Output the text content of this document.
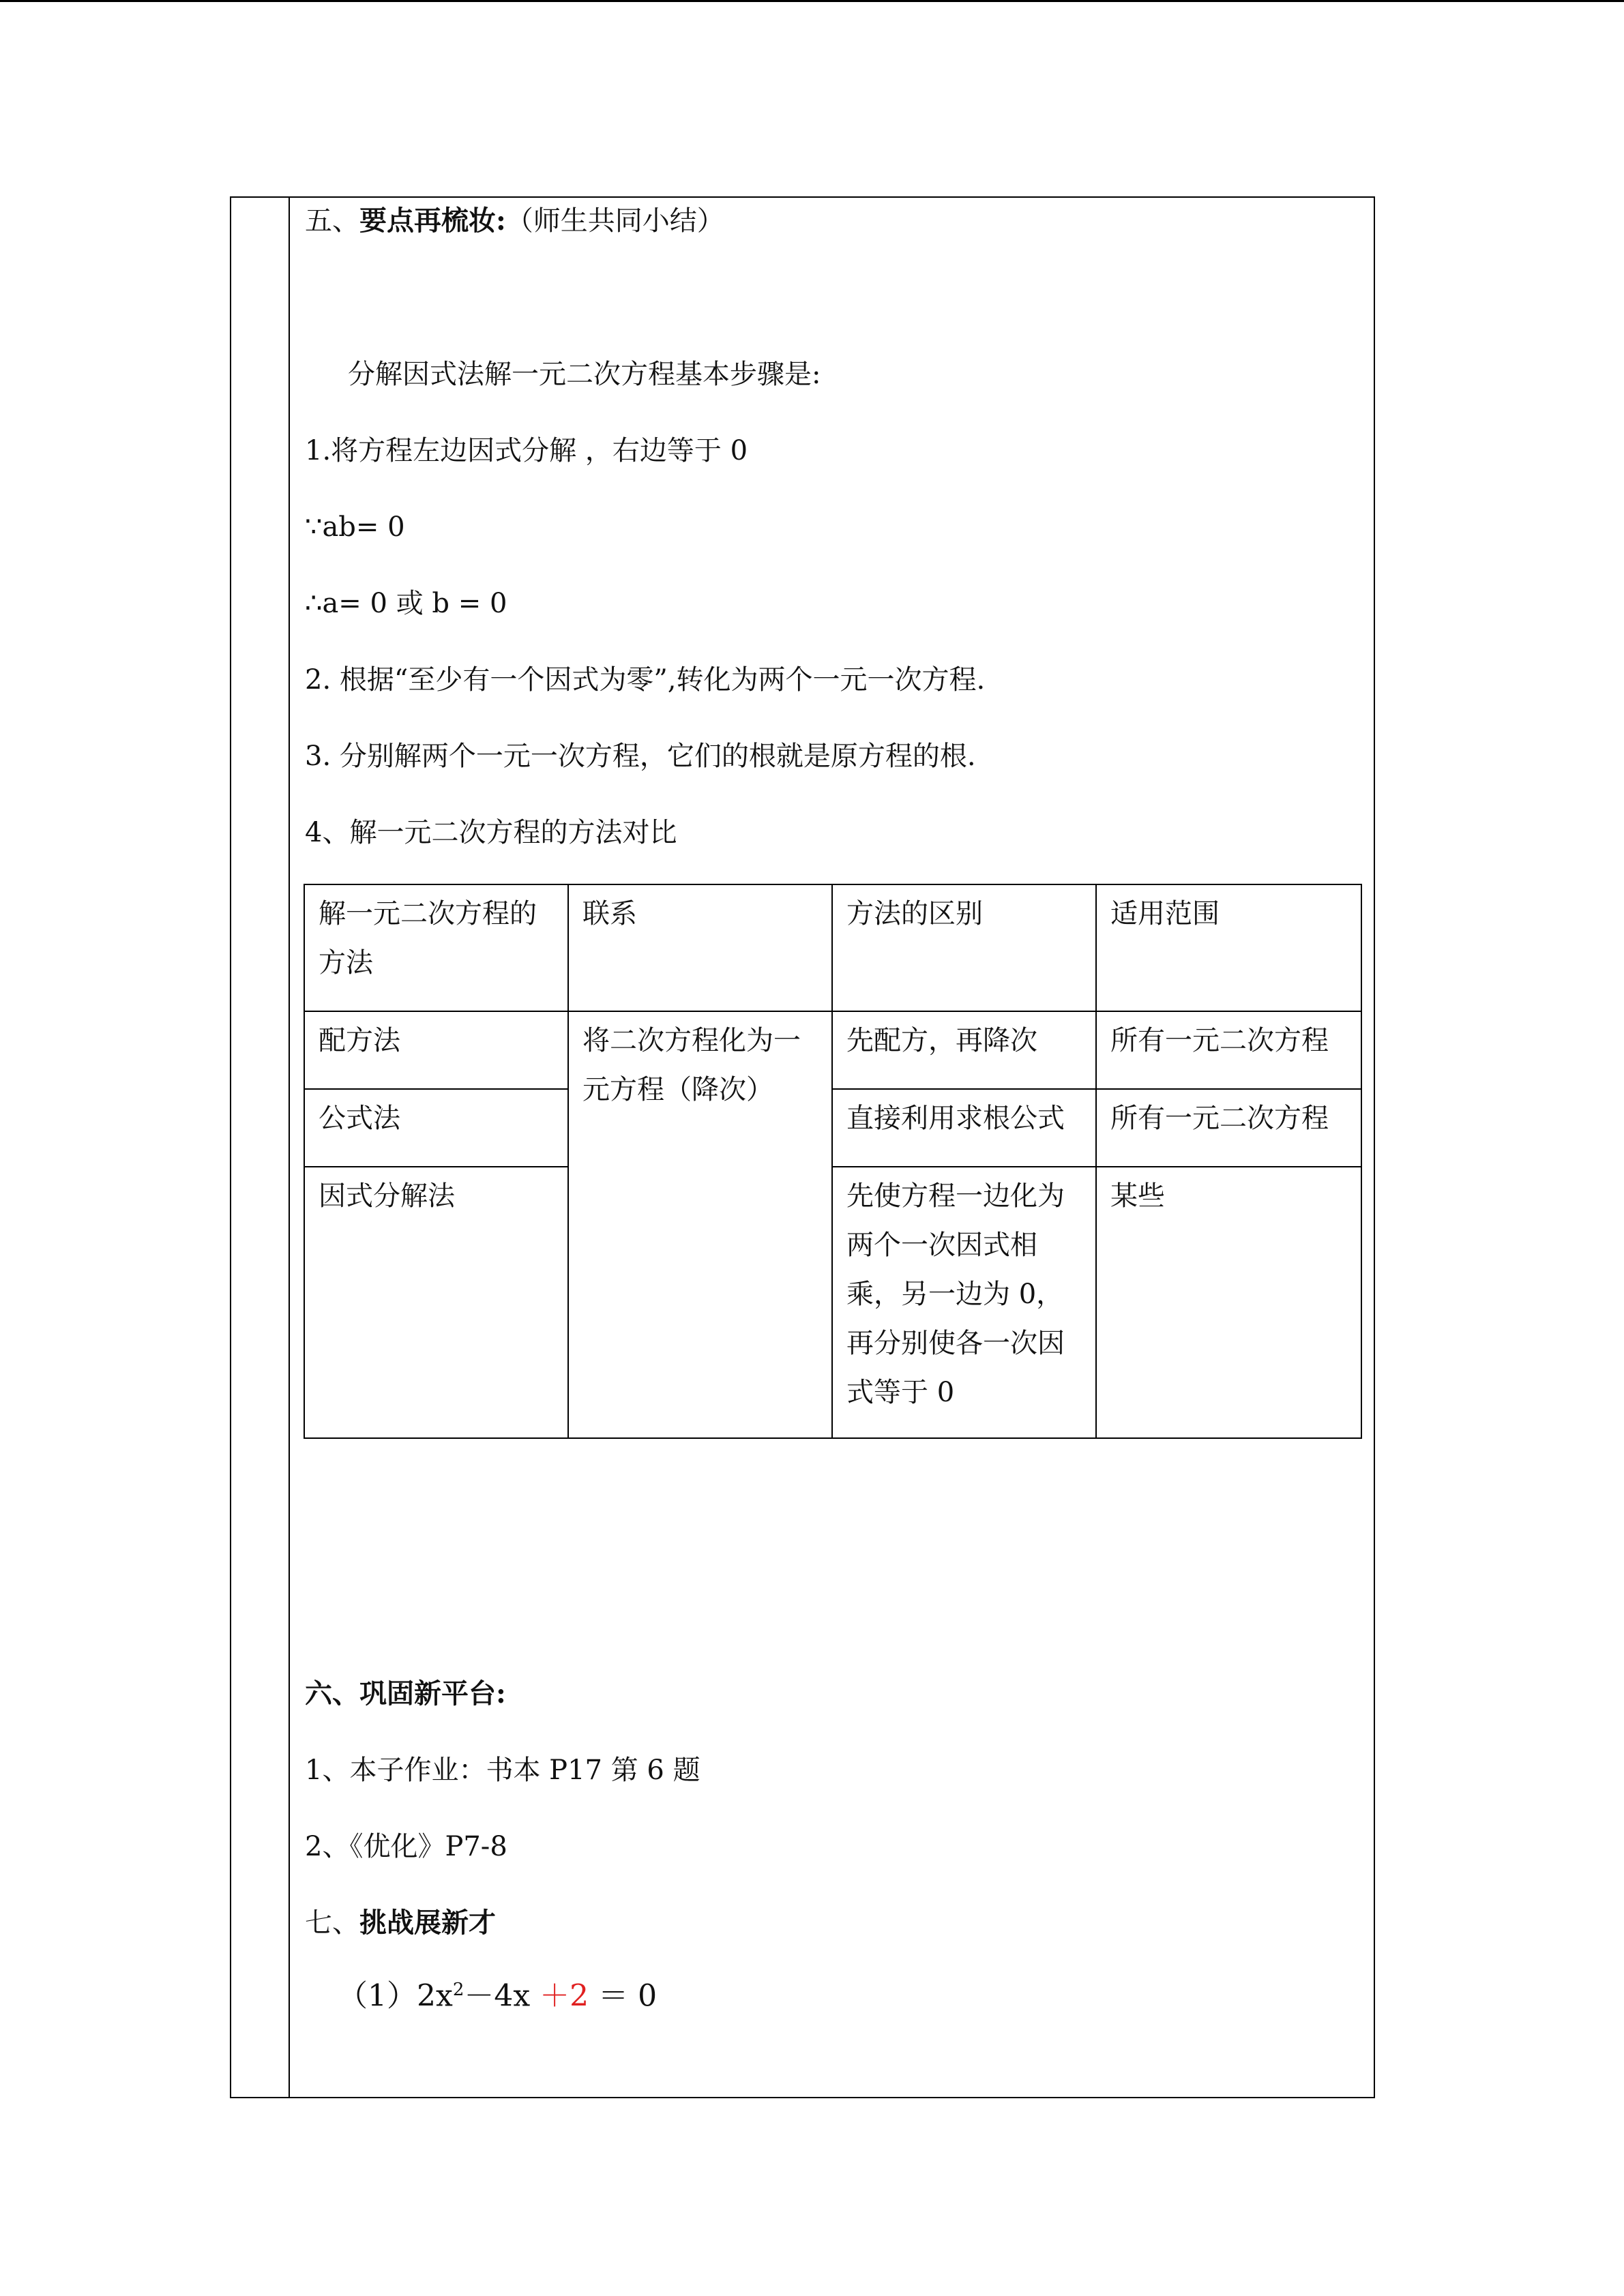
五、要点再梳妆:（师生共同小结）
分解因式法解一元二次方程基本步骤是:
1.将方程左边因式分解 ，右边等于 0
∵ab= 0
∴a= 0 或 b = 0
2. 根据“至少有一个因式为零”,转化为两个一元一次方程.
3. 分别解两个一元一次方程，它们的根就是原方程的根.
4、解一元二次方程的方法对比
解一元二次方程的方法	联系	方法的区别	适用范围
配方法	将二次方程化为一元方程（降次）	先配方，再降次	所有一元二次方程
公式法		直接利用求根公式	所有一元二次方程
因式分解法		先使方程一边化为两个一次因式相乘，另一边为 0，再分别使各一次因式等于 0	某些
六、巩固新平台:
1、本子作业：书本 P17 第 6 题
2、《优化》P7-8
七、挑战展新才
$(1)2x^2-4x +2 = 0$
